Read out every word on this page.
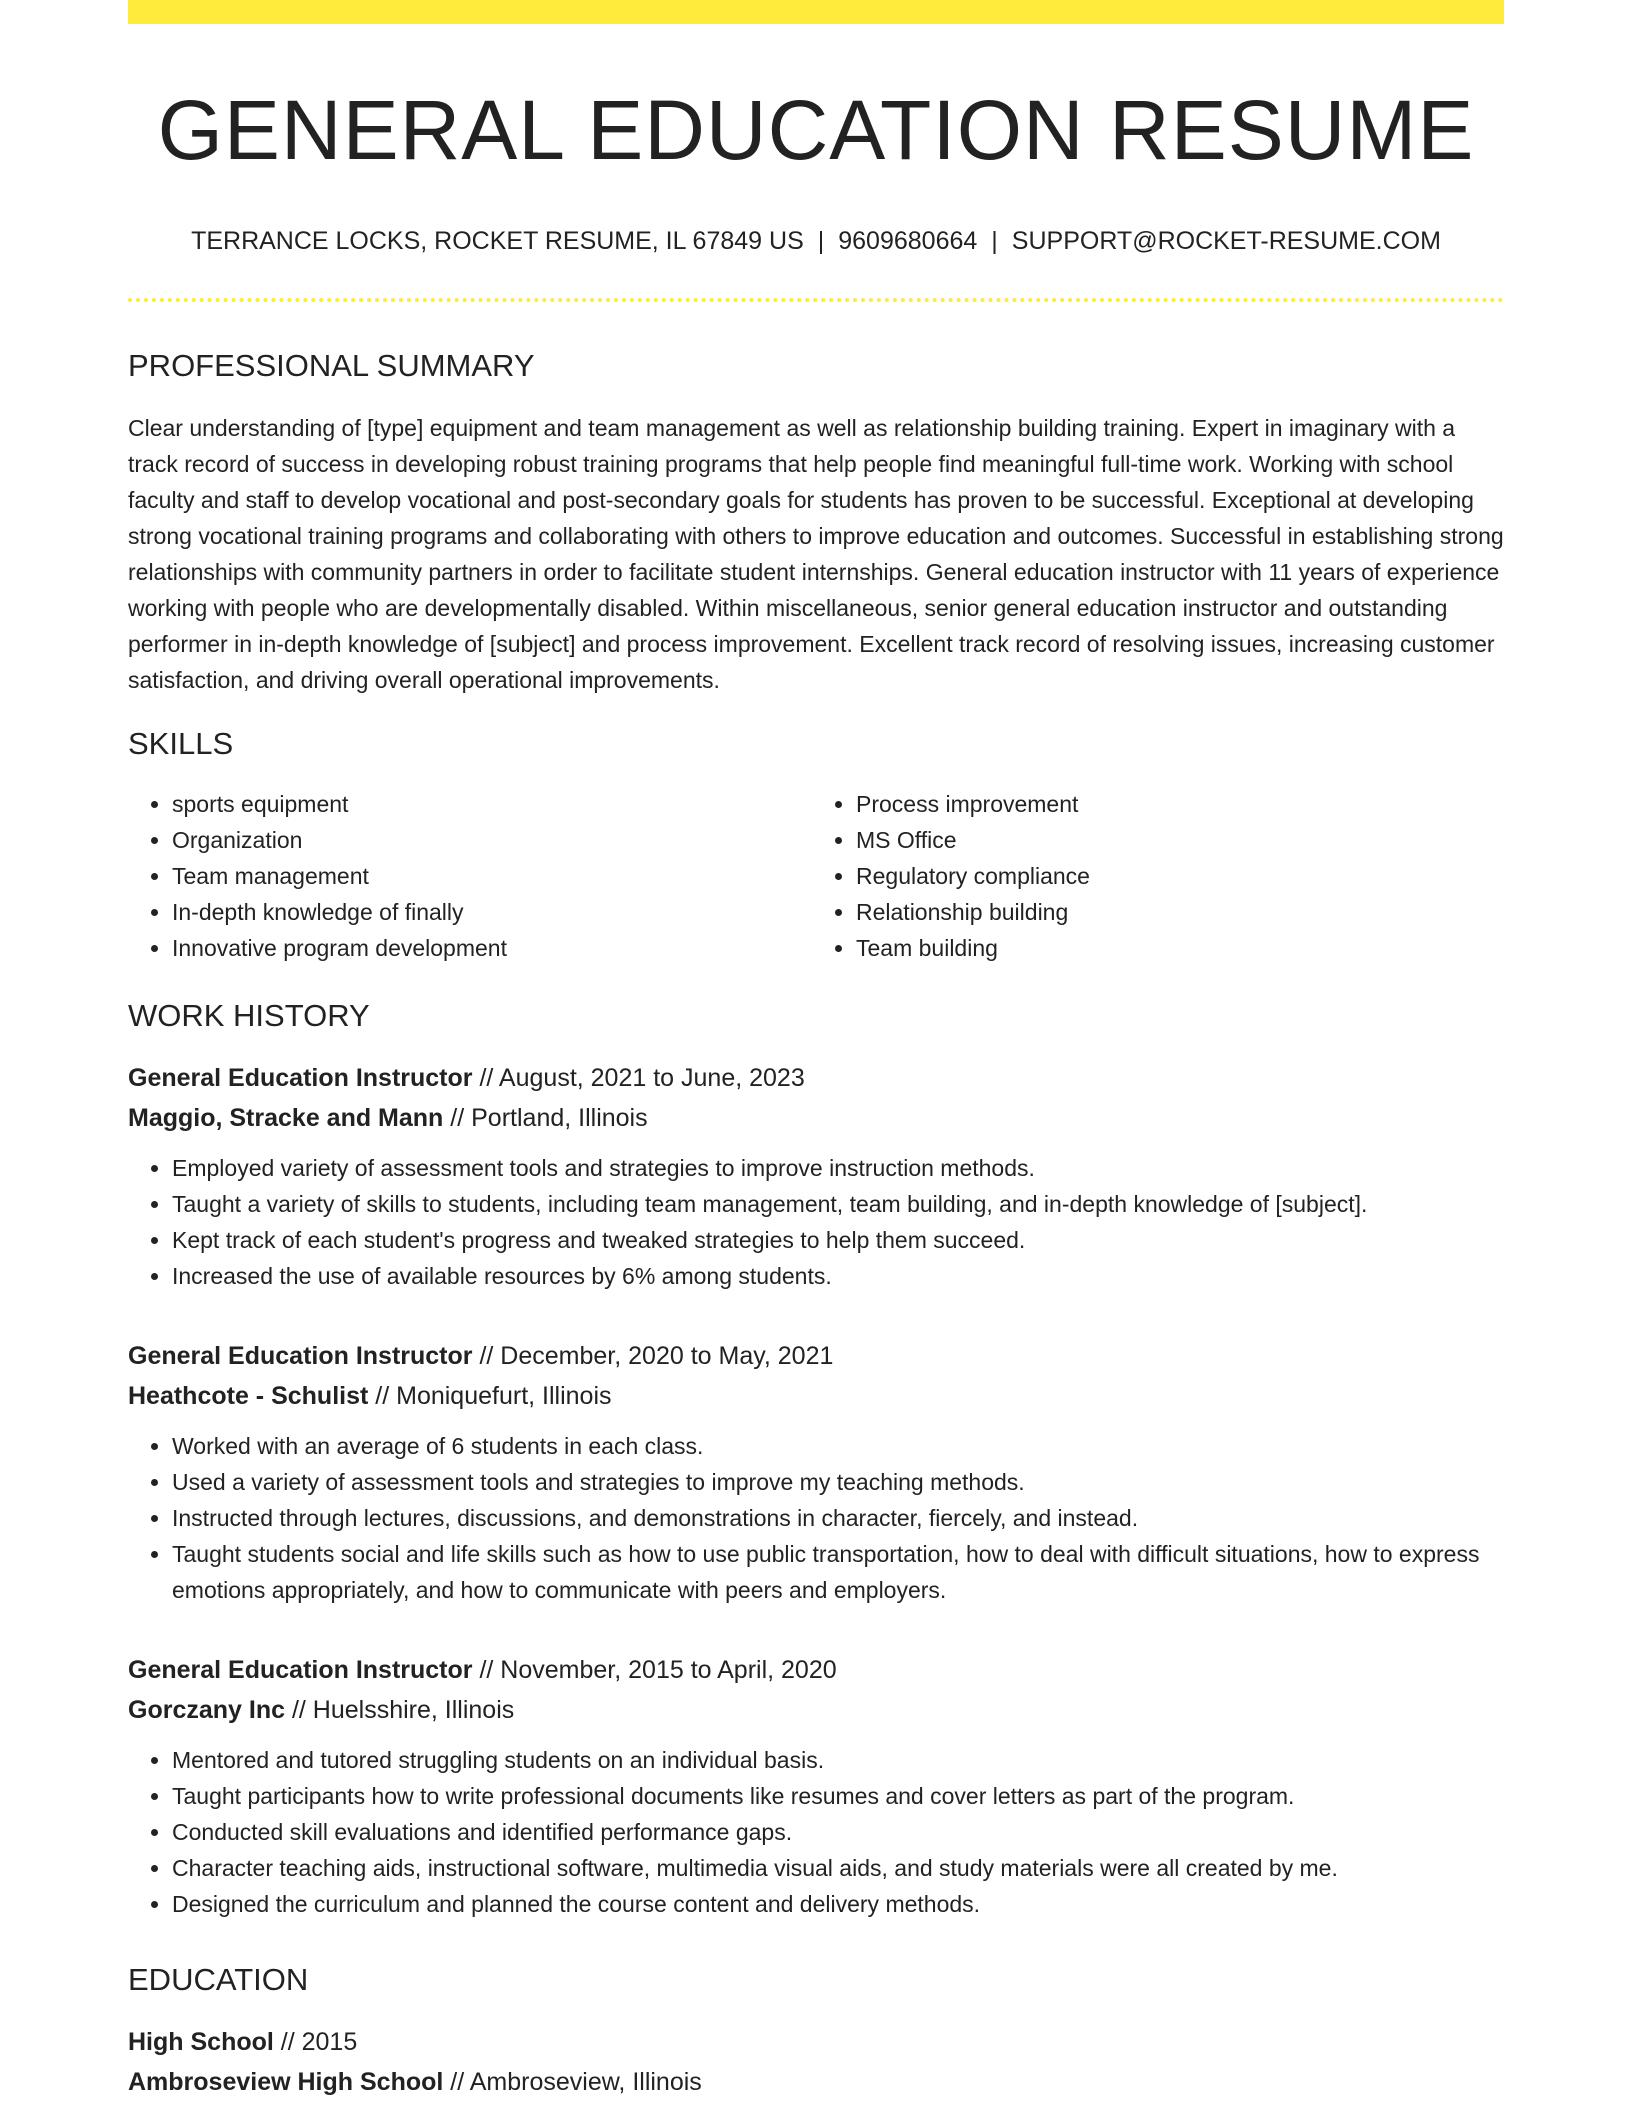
GENERAL EDUCATION RESUME
TERRANCE LOCKS, ROCKET RESUME, IL 67849 US | 9609680664 | SUPPORT@ROCKET-RESUME.COM
PROFESSIONAL SUMMARY

Clear understanding of [type] equipment and team management as well as relationship building training. Expert in imaginary with a track record of success in developing robust training programs that help people find meaningful full-time work. Working with school faculty and staff to develop vocational and post-secondary goals for students has proven to be successful. Exceptional at developing strong vocational training programs and collaborating with others to improve education and outcomes. Successful in establishing strong relationships with community partners in order to facilitate student internships. General education instructor with 11 years of experience working with people who are developmentally disabled. Within miscellaneous, senior general education instructor and outstanding performer in in-depth knowledge of [subject] and process improvement. Excellent track record of resolving issues, increasing customer satisfaction, and driving overall operational improvements.

SKILLS
• sports equipment
• Organization
• Team management
• In-depth knowledge of finally
• Innovative program development
• Process improvement
• MS Office
• Regulatory compliance
• Relationship building
• Team building
WORK HISTORY
General Education Instructor // August, 2021 to June, 2023
Maggio, Stracke and Mann // Portland, Illinois
• Employed variety of assessment tools and strategies to improve instruction methods.
• Taught a variety of skills to students, including team management, team building, and in-depth knowledge of [subject].
• Kept track of each student's progress and tweaked strategies to help them succeed.
• Increased the use of available resources by 6% among students.
General Education Instructor // December, 2020 to May, 2021
Heathcote - Schulist // Moniquefurt, Illinois
• Worked with an average of 6 students in each class.
• Used a variety of assessment tools and strategies to improve my teaching methods.
• Instructed through lectures, discussions, and demonstrations in character, fiercely, and instead.
• Taught students social and life skills such as how to use public transportation, how to deal with difficult situations, how to express emotions appropriately, and how to communicate with peers and employers.
General Education Instructor // November, 2015 to April, 2020
Gorczany Inc // Huelsshire, Illinois
• Mentored and tutored struggling students on an individual basis.
• Taught participants how to write professional documents like resumes and cover letters as part of the program.
• Conducted skill evaluations and identified performance gaps.
• Character teaching aids, instructional software, multimedia visual aids, and study materials were all created by me.
• Designed the curriculum and planned the course content and delivery methods.
EDUCATION
High School // 2015
Ambroseview High School // Ambroseview, Illinois
